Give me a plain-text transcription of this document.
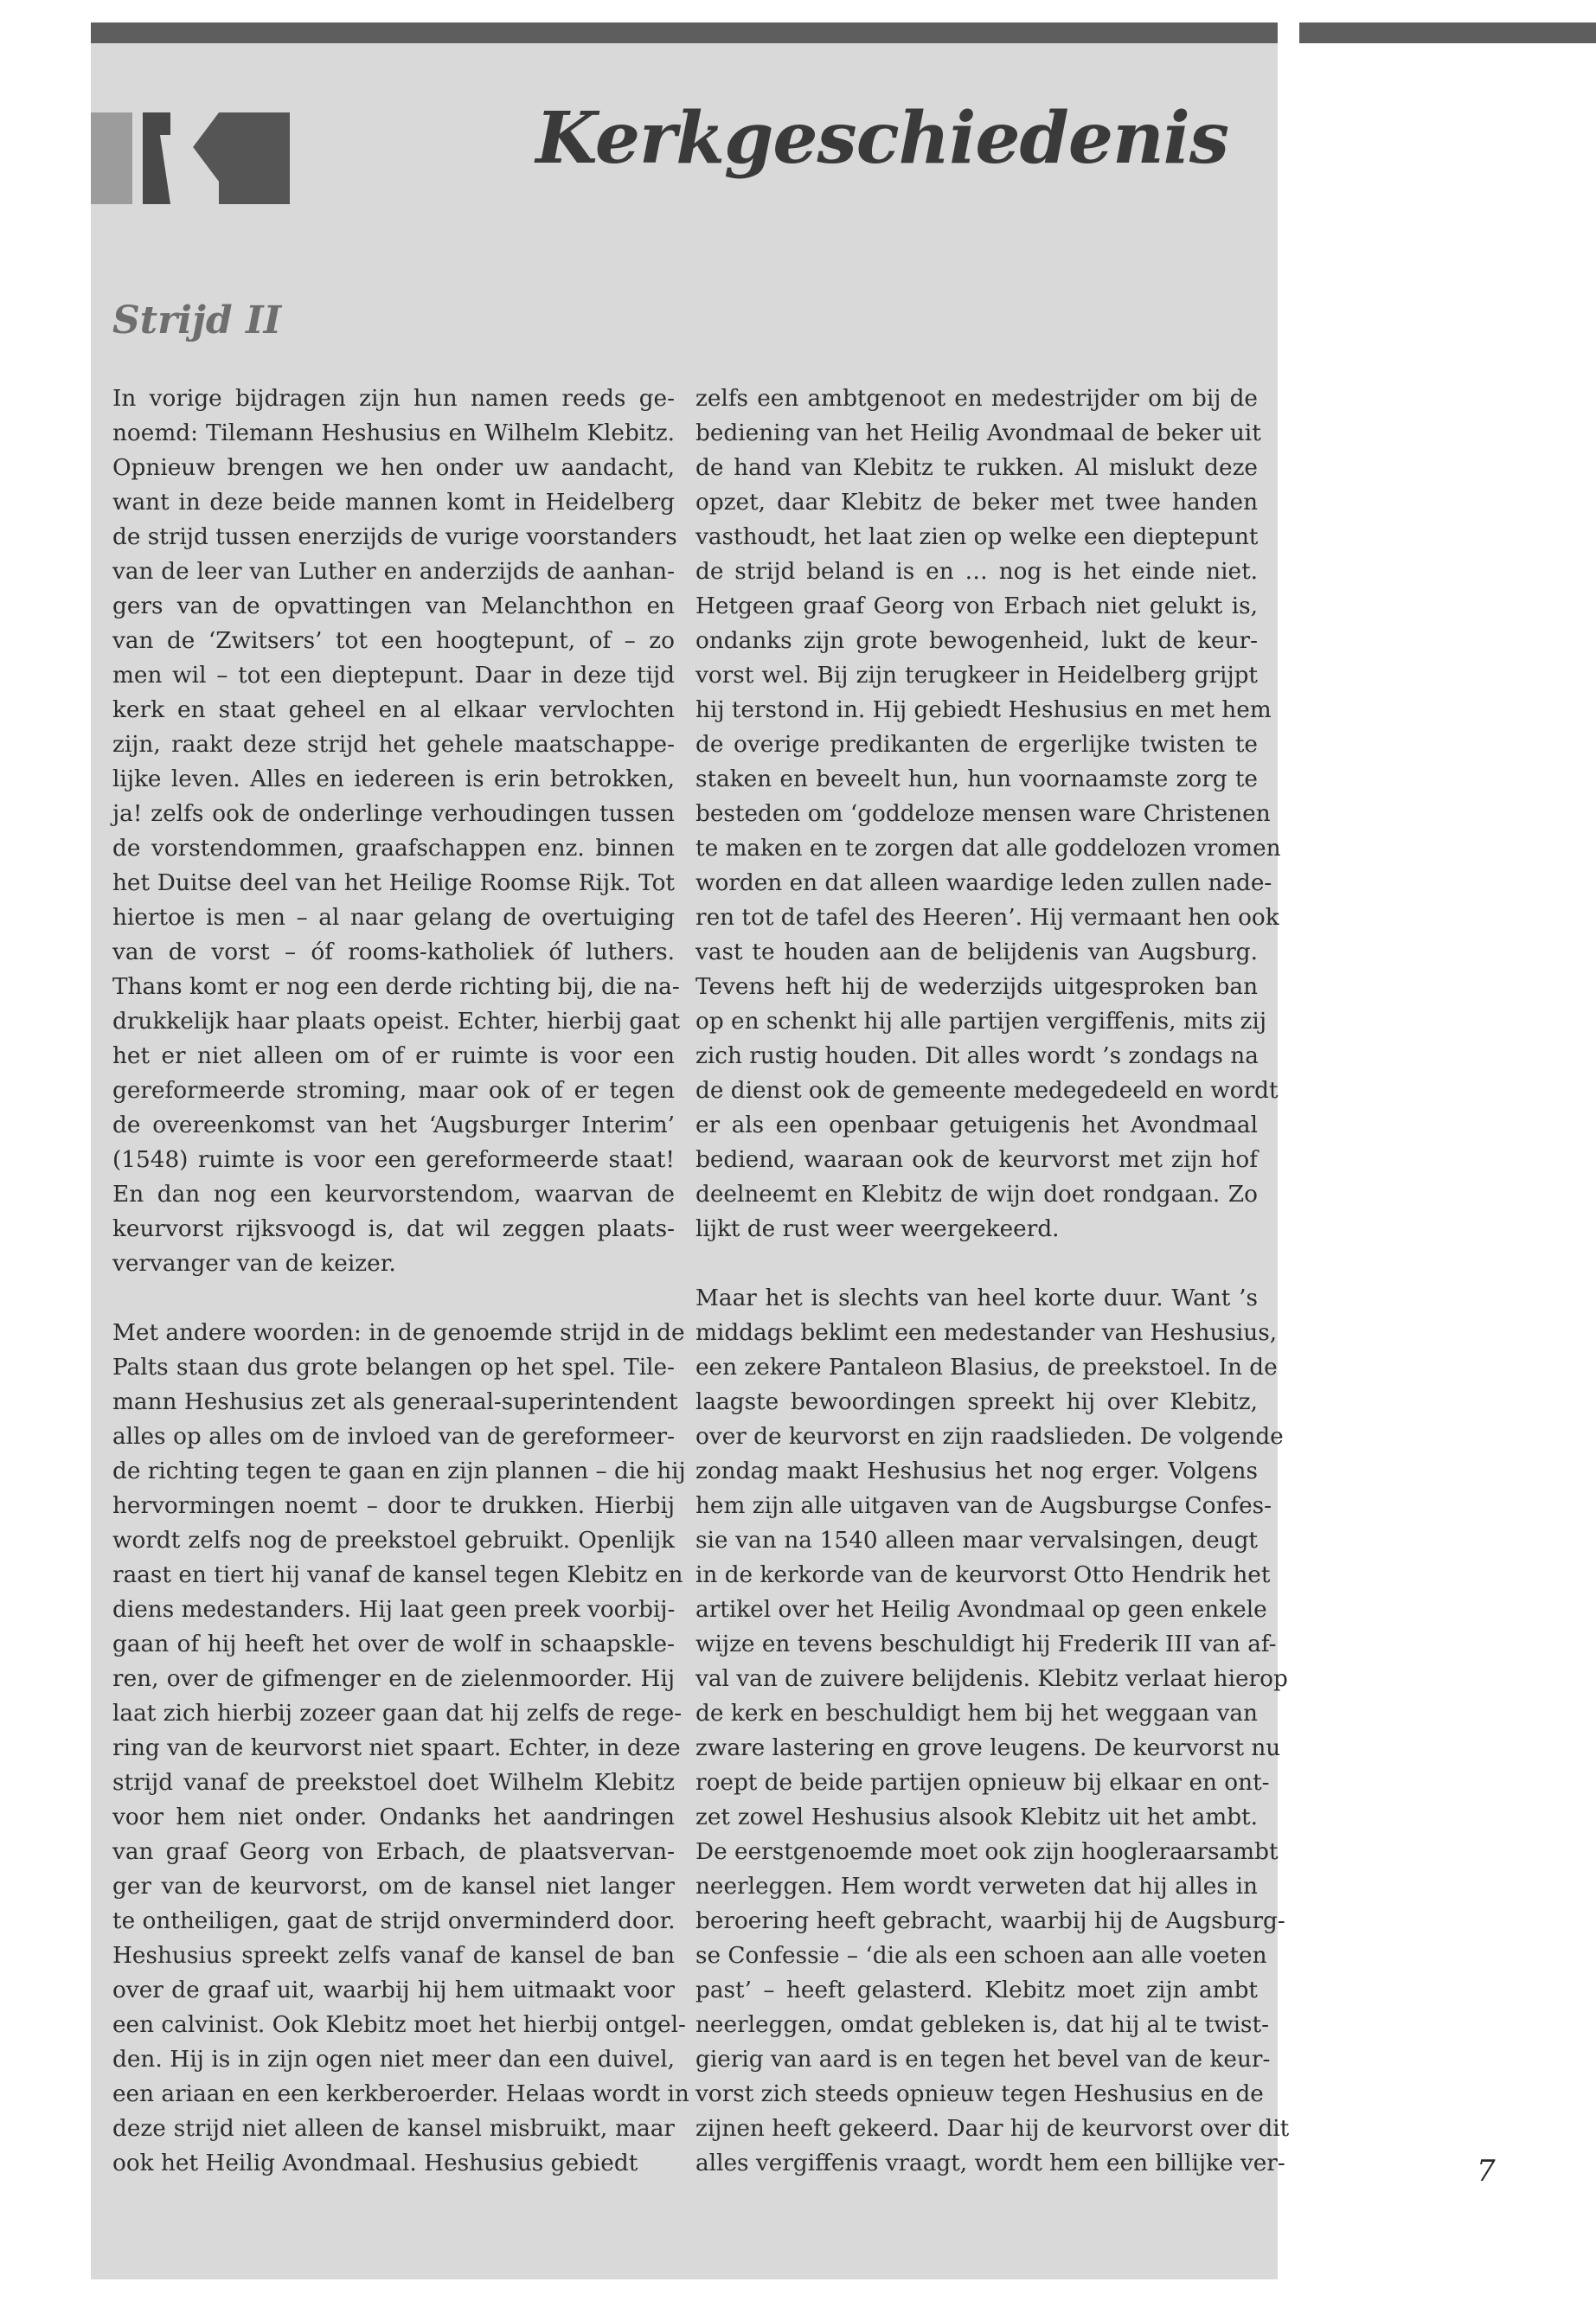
Kerkgeschiedenis
Strijd II
In vorige bijdragen zijn hun namen reeds ge-
noemd: Tilemann Heshusius en Wilhelm Klebitz.
Opnieuw brengen we hen onder uw aandacht,
want in deze beide mannen komt in Heidelberg
de strijd tussen enerzijds de vurige voorstanders
van de leer van Luther en anderzijds de aanhan-
gers van de opvattingen van Melanchthon en
van de ‘Zwitsers’ tot een hoogtepunt, of – zo
men wil – tot een dieptepunt. Daar in deze tijd
kerk en staat geheel en al elkaar vervlochten
zijn, raakt deze strijd het gehele maatschappe-
lijke leven. Alles en iedereen is erin betrokken,
ja! zelfs ook de onderlinge verhoudingen tussen
de vorstendommen, graafschappen enz. binnen
het Duitse deel van het Heilige Roomse Rijk. Tot
hiertoe is men – al naar gelang de overtuiging
van de vorst – óf rooms-katholiek óf luthers.
Thans komt er nog een derde richting bij, die na-
drukkelijk haar plaats opeist. Echter, hierbij gaat
het er niet alleen om of er ruimte is voor een
gereformeerde stroming, maar ook of er tegen
de overeenkomst van het ‘Augsburger Interim’
(1548) ruimte is voor een gereformeerde staat!
En dan nog een keurvorstendom, waarvan de
keurvorst rijksvoogd is, dat wil zeggen plaats-
vervanger van de keizer.
Met andere woorden: in de genoemde strijd in de
Palts staan dus grote belangen op het spel. Tile-
mann Heshusius zet als generaal-superintendent
alles op alles om de invloed van de gereformeer-
de richting tegen te gaan en zijn plannen – die hij
hervormingen noemt – door te drukken. Hierbij
wordt zelfs nog de preekstoel gebruikt. Openlijk
raast en tiert hij vanaf de kansel tegen Klebitz en
diens medestanders. Hij laat geen preek voorbij-
gaan of hij heeft het over de wolf in schaapskle-
ren, over de gifmenger en de zielenmoorder. Hij
laat zich hierbij zozeer gaan dat hij zelfs de rege-
ring van de keurvorst niet spaart. Echter, in deze
strijd vanaf de preekstoel doet Wilhelm Klebitz
voor hem niet onder. Ondanks het aandringen
van graaf Georg von Erbach, de plaatsvervan-
ger van de keurvorst, om de kansel niet langer
te ontheiligen, gaat de strijd onverminderd door.
Heshusius spreekt zelfs vanaf de kansel de ban
over de graaf uit, waarbij hij hem uitmaakt voor
een calvinist. Ook Klebitz moet het hierbij ontgel-
den. Hij is in zijn ogen niet meer dan een duivel,
een ariaan en een kerkberoerder. Helaas wordt in
deze strijd niet alleen de kansel misbruikt, maar
ook het Heilig Avondmaal. Heshusius gebiedt
zelfs een ambtgenoot en medestrijder om bij de
bediening van het Heilig Avondmaal de beker uit
de hand van Klebitz te rukken. Al mislukt deze
opzet, daar Klebitz de beker met twee handen
vasthoudt, het laat zien op welke een dieptepunt
de strijd beland is en … nog is het einde niet.
Hetgeen graaf Georg von Erbach niet gelukt is,
ondanks zijn grote bewogenheid, lukt de keur-
vorst wel. Bij zijn terugkeer in Heidelberg grijpt
hij terstond in. Hij gebiedt Heshusius en met hem
de overige predikanten de ergerlijke twisten te
staken en beveelt hun, hun voornaamste zorg te
besteden om ‘goddeloze mensen ware Christenen
te maken en te zorgen dat alle goddelozen vromen
worden en dat alleen waardige leden zullen nade-
ren tot de tafel des Heeren’. Hij vermaant hen ook
vast te houden aan de belijdenis van Augsburg.
Tevens heft hij de wederzijds uitgesproken ban
op en schenkt hij alle partijen vergiffenis, mits zij
zich rustig houden. Dit alles wordt ’s zondags na
de dienst ook de gemeente medegedeeld en wordt
er als een openbaar getuigenis het Avondmaal
bediend, waaraan ook de keurvorst met zijn hof
deelneemt en Klebitz de wijn doet rondgaan. Zo
lijkt de rust weer weergekeerd.
Maar het is slechts van heel korte duur. Want ’s
middags beklimt een medestander van Heshusius,
een zekere Pantaleon Blasius, de preekstoel. In de
laagste bewoordingen spreekt hij over Klebitz,
over de keurvorst en zijn raadslieden. De volgende
zondag maakt Heshusius het nog erger. Volgens
hem zijn alle uitgaven van de Augsburgse Confes-
sie van na 1540 alleen maar vervalsingen, deugt
in de kerkorde van de keurvorst Otto Hendrik het
artikel over het Heilig Avondmaal op geen enkele
wijze en tevens beschuldigt hij Frederik III van af-
val van de zuivere belijdenis. Klebitz verlaat hierop
de kerk en beschuldigt hem bij het weggaan van
zware lastering en grove leugens. De keurvorst nu
roept de beide partijen opnieuw bij elkaar en ont-
zet zowel Heshusius alsook Klebitz uit het ambt.
De eerstgenoemde moet ook zijn hoogleraarsambt
neerleggen. Hem wordt verweten dat hij alles in
beroering heeft gebracht, waarbij hij de Augsburg-
se Confessie – ‘die als een schoen aan alle voeten
past’ – heeft gelasterd. Klebitz moet zijn ambt
neerleggen, omdat gebleken is, dat hij al te twist-
gierig van aard is en tegen het bevel van de keur-
vorst zich steeds opnieuw tegen Heshusius en de
zijnen heeft gekeerd. Daar hij de keurvorst over dit
alles vergiffenis vraagt, wordt hem een billijke ver-	7
